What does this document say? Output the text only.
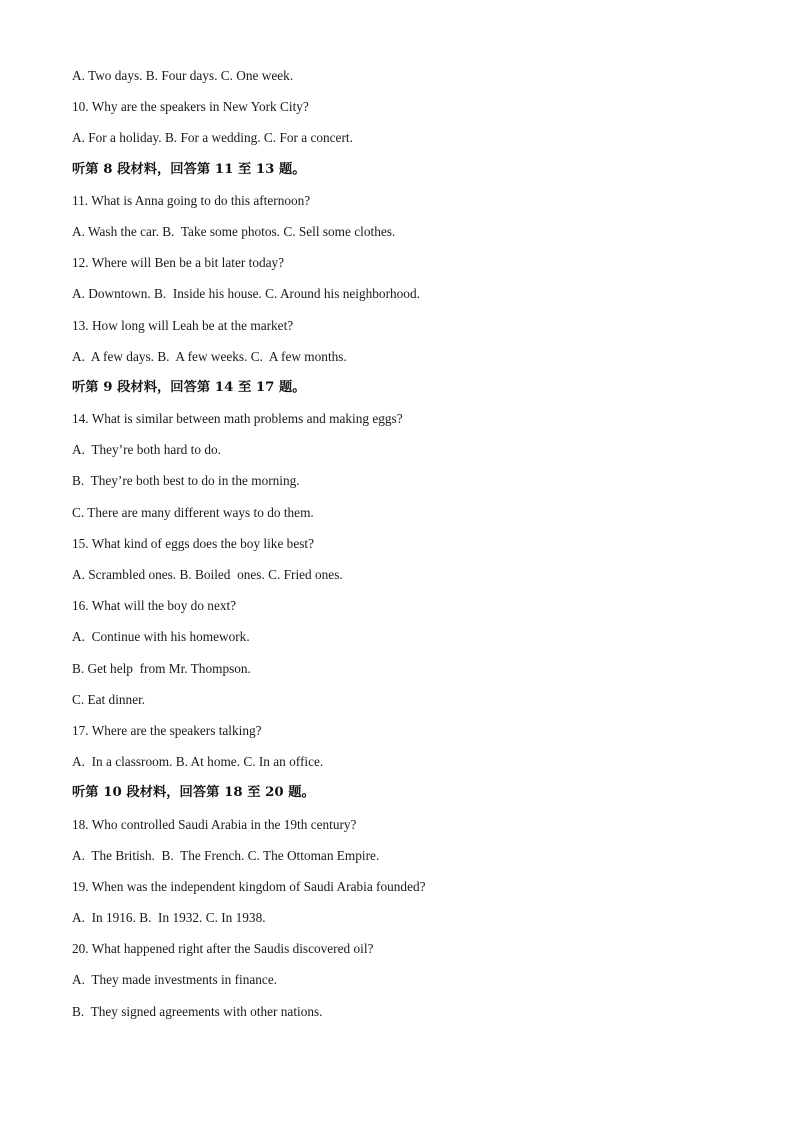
A. Two days. B. Four days. C. One week.
10. Why are the speakers in New York City?
A. For a holiday. B. For a wedding. C. For a concert.
听第 8 段材料，回答第 11 至 13 题。
11. What is Anna going to do this afternoon?
A. Wash the car. B.  Take some photos. C. Sell some clothes.
12. Where will Ben be a bit later today?
A. Downtown. B.  Inside his house. C. Around his neighborhood.
13. How long will Leah be at the market?
A.  A few days. B.  A few weeks. C.  A few months.
听第 9 段材料，回答第 14 至 17 题。
14. What is similar between math problems and making eggs?
A.  They’re both hard to do.
B.  They’re both best to do in the morning.
C. There are many different ways to do them.
15. What kind of eggs does the boy like best?
A. Scrambled ones. B. Boiled  ones. C. Fried ones.
16. What will the boy do next?
A.  Continue with his homework.
B. Get help  from Mr. Thompson.
C. Eat dinner.
17. Where are the speakers talking?
A.  In a classroom. B. At home. C. In an office.
听第 10 段材料，回答第 18 至 20 题。
18. Who controlled Saudi Arabia in the 19th century?
A.  The British.  B.  The French. C. The Ottoman Empire.
19. When was the independent kingdom of Saudi Arabia founded?
A.  In 1916. B.  In 1932. C. In 1938.
20. What happened right after the Saudis discovered oil?
A.  They made investments in finance.
B.  They signed agreements with other nations.
